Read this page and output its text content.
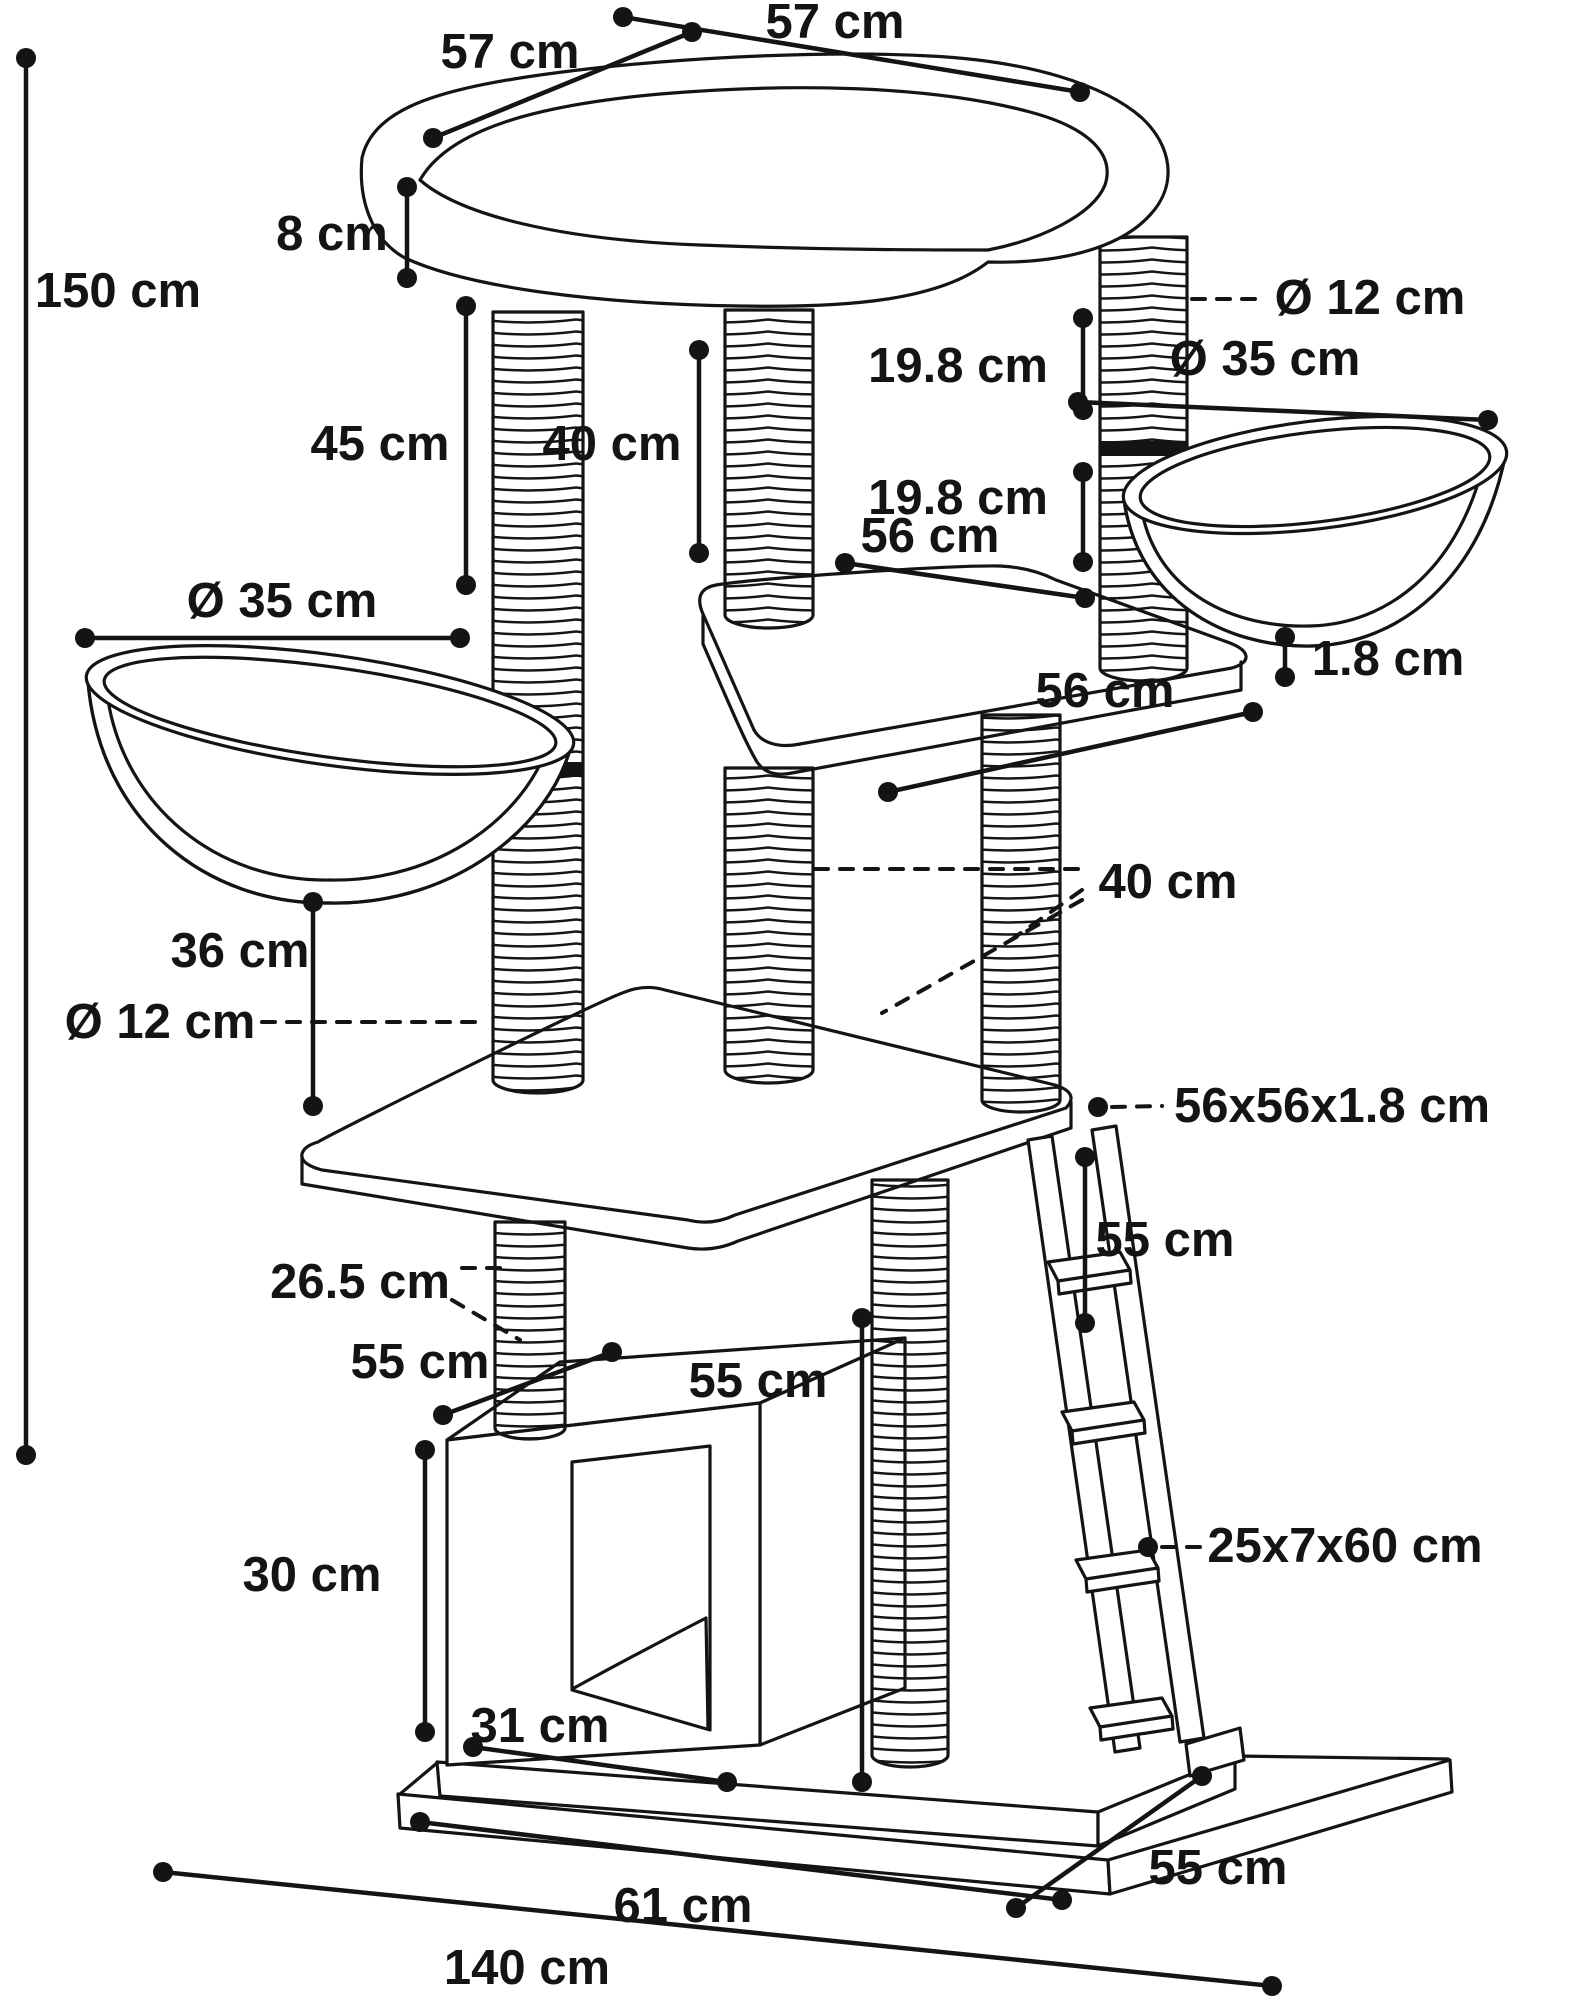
57 cm
57 cm
8 cm
150 cm
45 cm 40 cm
Ø 12 cm
19.8 cm Ø 35 cm
19.8 cm
56 cm
1.8 cm
Ø 35 cm
56 cm
40 cm
36 cm
Ø 12 cm
56x56x1.8 cm
55 cm
26.5 cm
55 cm	55 cm
30 cm
25x7x60 cm
31 cm
61 cm
140 cm
55 cm
